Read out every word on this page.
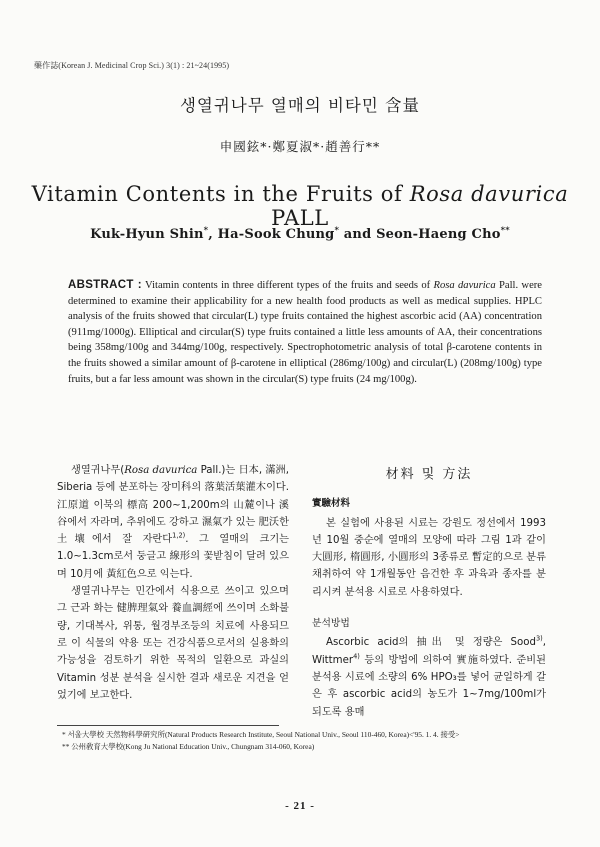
藥作誌(Korean J. Medicinal Crop Sci.) 3(1) : 21~24(1995)
생열귀나무 열매의 비타민 含量
申國鉉*·鄭夏淑*·趙善行**
Vitamin Contents in the Fruits of Rosa davurica PALL
Kuk-Hyun Shin*, Ha-Sook Chung* and Seon-Haeng Cho**
ABSTRACT : Vitamin contents in three different types of the fruits and seeds of Rosa davurica Pall. were determined to examine their applicability for a new health food products as well as medical supplies. HPLC analysis of the fruits showed that circular(L) type fruits contained the highest ascorbic acid (AA) concentration (911mg/1000g). Elliptical and circular(S) type fruits contained a little less amounts of AA, their concentrations being 358mg/100g and 344mg/100g, respectively. Spectrophotometric analysis of total β-carotene contents in the fruits showed a similar amount of β-carotene in elliptical (286mg/100g) and circular(L) (208mg/100g) type fruits, but a far less amount was shown in the circular(S) type fruits (24 mg/100g).

생열귀나무(Rosa davurica Pall.)는 日本, 滿洲, Siberia 등에 분포하는 장미科의 落葉活葉灌木이다. 江原道 이북의 標高 200~1,200m의 山麓이나 溪谷에서 자라며, 추위에도 강하고 濕氣가 있는 肥沃한 土壤에서 잘 자란다$^{1,2)}$. 그 열매의 크기는 1.0~1.3cm로서 둥글고 線形의 꽃받침이 달려 있으며 10月에 黃紅色으로 익는다.

생열귀나무는 민간에서 식용으로 쓰이고 있으며 그 근과 화는 健脾理氣와 養血調經에 쓰이며 소화불량, 기대복사, 위통, 월경부조등의 치료에 사용되므로 이 식물의 약용 또는 건강식품으로서의 실용화의 가능성을 검토하기 위한 목적의 일환으로 과실의 Vitamin 성분 분석을 실시한 결과 새로운 지견을 얻었기에 보고한다.

材料 및 方法
實驗材料

본 실험에 사용된 시료는 강원도 정선에서 1993년 10월 중순에 열매의 모양에 따라 그림 1과 같이 大圓形, 楕圓形, 小圓形의 3종류로 暫定的으로 분류 채취하여 약 1개월동안 음건한 후 과육과 종자를 분리시켜 분석용 시료로 사용하였다.

분석방법

Ascorbic acid의 抽出 및 정량은 Sood$^{3)}$, Wittmer$^{4)}$ 등의 방법에 의하여 實施하였다. 준비된 분석용 시료에 소량의 6% HPO₃를 넣어 균일하게 갈은 후 ascorbic acid의 농도가 1~7mg/100ml가 되도록 용매

* 서울大學校 天然物科學硏究所(Natural Products Research Institute, Seoul National Univ., Seoul 110-460, Korea)<'95. 1. 4. 接受>
** 公州敎育大學校(Kong Ju National Education Univ., Chungnam 314-060, Korea)
- 21 -
